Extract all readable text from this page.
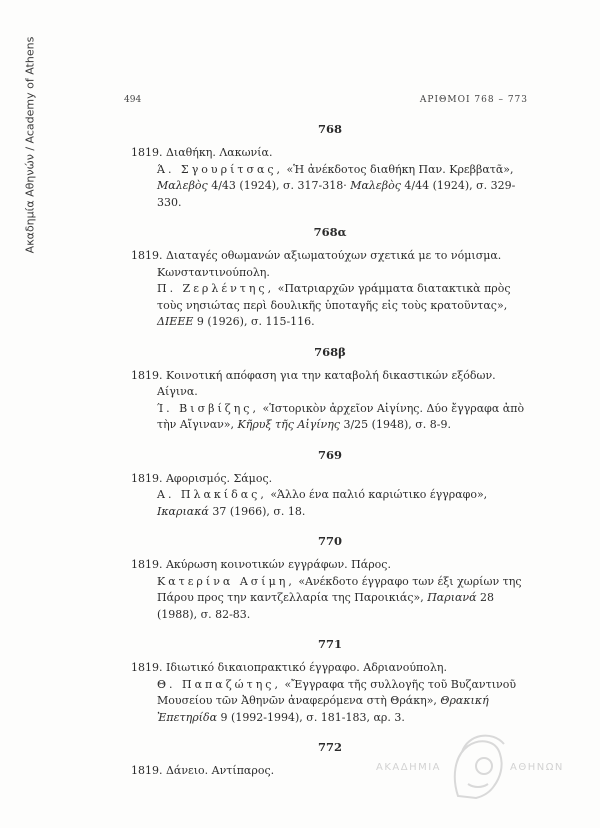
Ακαδημία Αθηνών / Academy of Athens	494	ΑΡΙΘΜΟΙ 768 – 773
768

1819. Διαθήκη. Λακωνία.

Ά. Σγουρίτσας, «Ἡ ἀνέκδοτος διαθήκη Παν. Κρεββατᾶ», Μαλεβὸς 4/43 (1924), σ. 317-318· Μαλεβὸς 4/44 (1924), σ. 329-330.

768α

1819. Διαταγές οθωμανών αξιωματούχων σχετικά με το νόμισμα. Κωνσταντινούπολη.

Π. Ζερλέντης, «Πατριαρχῶν γράμματα διατακτικὰ πρὸς τοὺς νησιώτας περὶ δουλικῆς ὑποταγῆς εἰς τοὺς κρατοῦντας», ΔΙΕΕΕ 9 (1926), σ. 115-116.

768β

1819. Κοινοτική απόφαση για την καταβολή δικαστικών εξόδων. Αίγινα.

Ί. Βισβίζης, «Ἱστορικὸν ἀρχεῖον Αἰγίνης. Δύο ἔγγραφα ἀπὸ τὴν Αἴγιναν», Κῆρυξ τῆς Αἰγίνης 3/25 (1948), σ. 8-9.

769

1819. Αφορισμός. Σάμος.

Α. Πλακίδας, «Άλλο ένα παλιό καριώτικο έγγραφο», Ικαριακά 37 (1966), σ. 18.

770

1819. Ακύρωση κοινοτικών εγγράφων. Πάρος.

Κατερίνα Ασίμη, «Ανέκδοτο έγγραφο των έξι χωρίων της Πάρου προς την καντζελλαρία της Παροικιάς», Παριανά 28 (1988), σ. 82-83.

771

1819. Ιδιωτικό δικαιοπρακτικό έγγραφο. Αδριανούπολη.

Θ. Παπαζώτης, «Ἔγγραφα τῆς συλλογῆς τοῦ Βυζαντινοῦ Μουσείου τῶν Ἀθηνῶν ἀναφερόμενα στὴ Θράκη», Θρακική Ἐπετηρίδα 9 (1992-1994), σ. 181-183, αρ. 3.

772

1819. Δάνειο. Αντίπαρος.	ΑΚΑΔΗΜΙΑ	ΑΘΗΝΩΝ
